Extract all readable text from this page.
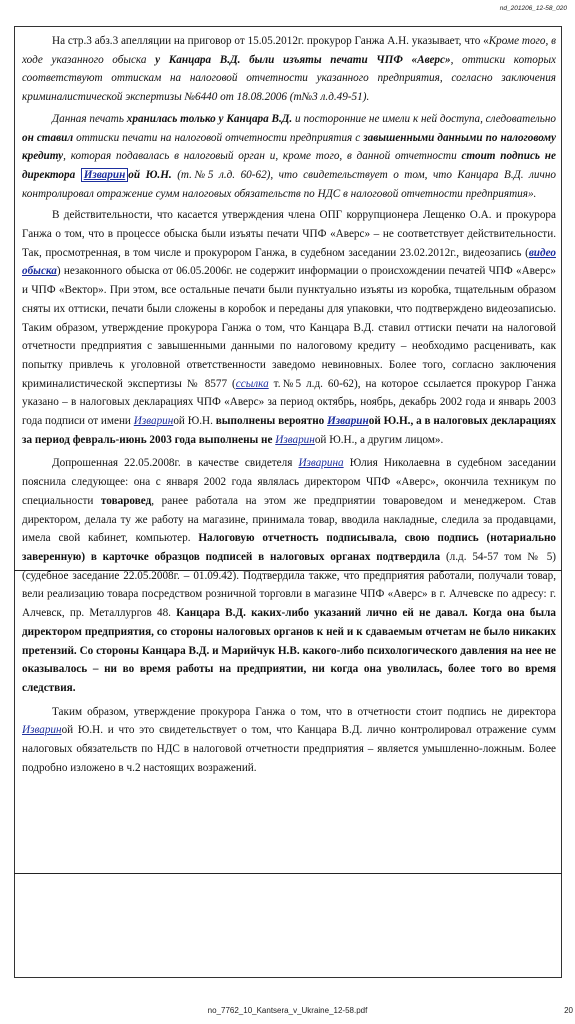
nd_201206_12-58_020

На стр.3 абз.3 апелляции на приговор от 15.05.2012г. прокурор Ганжа А.Н. указывает, что «Кроме того, в ходе указанного обыска у Канцара В.Д. были изъяты печати ЧПФ «Аверс», оттиски которых соответствуют оттискам на налоговой отчетности указанного предприятия, согласно заключения криминалистической экспертизы №6440 от 18.08.2006 (т№3 л.д.49-51).

Данная печать хранилась только у Канцара В.Д. и посторонние не имели к ней доступа, следовательно он ставил оттиски печати на налоговой отчетности предприятия с завышенными данными по налоговому кредиту, которая подавалась в налоговый орган и, кроме того, в данной отчетности стоит подпись не директора Изварин ой Ю.Н. (т.№5 л.д. 60-62), что свидетельствует о том, что Канцара В.Д. лично контролировал отражение сумм налоговых обязательств по НДС в налоговой отчетности предприятия».

В действительности, что касается утверждения члена ОПГ коррупционера Лещенко О.А. и прокурора Ганжа о том, что в процессе обыска были изъяты печати ЧПФ «Аверс» – не соответствует действительности. Так, просмотренная, в том числе и прокурором Ганжа, в судебном заседании 23.02.2012г., видеозапись (видео обыска) незаконного обыска от 06.05.2006г. не содержит информации о происхождении печатей ЧПФ «Аверс» и ЧПФ «Вектор». При этом, все остальные печати были пунктуально изъяты из коробка, тщательным образом сняты их оттиски, печати были сложены в коробок и переданы для упаковки, что подтверждено видеозаписью. Таким образом, утверждение прокурора Ганжа о том, что Канцара В.Д. ставил оттиски печати на налоговой отчетности предприятия с завышенными данными по налоговому кредиту – необходимо расценивать, как попытку привлечь к уголовной ответственности заведомо невиновных. Более того, согласно заключения криминалистической экспертизы № 8577 (ссылка т.№5 л.д. 60-62), на которое ссылается прокурор Ганжа указано – в налоговых декларациях ЧПФ «Аверс» за период октябрь, ноябрь, декабрь 2002 года и январь 2003 года подписи от имени Извариной Ю.Н. выполнены вероятно Извариной Ю.Н., а в налоговых декларациях за период февраль-июнь 2003 года выполнены не Извариной Ю.Н., а другим лицом».

Допрошенная 22.05.2008г. в качестве свидетеля Изварина Юлия Николаевна в судебном заседании пояснила следующее: она с января 2002 года являлась директором ЧПФ «Аверс», окончила техникум по специальности товаровед, ранее работала на этом же предприятии товароведом и менеджером. Став директором, делала ту же работу на магазине, принимала товар, вводила накладные, следила за продавцами, имела свой кабинет, компьютер. Налоговую отчетность подписывала, свою подпись (нотариально заверенную) в карточке образцов подписей в налоговых органах подтвердила (л.д. 54-57 том № 5) (судебное заседание 22.05.2008г. – 01.09.42). Подтвердила также, что предприятия работали, получали товар, вели реализацию товара посредством розничной торговли в магазине ЧПФ «Аверс» в г. Алчевске по адресу: г. Алчевск, пр. Металлургов 48. Канцара В.Д. каких-либо указаний лично ей не давал. Когда она была директором предприятия, со стороны налоговых органов к ней и к сдаваемым отчетам не было никаких претензий. Со стороны Канцара В.Д. и Марийчук Н.В. какого-либо психологического давления на нее не оказывалось – ни во время работы на предприятии, ни когда она уволилась, более того во время следствия.

Таким образом, утверждение прокурора Ганжа о том, что в отчетности стоит подпись не директора Извариной Ю.Н. и что это свидетельствует о том, что Канцара В.Д. лично контролировал отражение сумм налоговых обязательств по НДС в налоговой отчетности предприятия – является умышленно-ложным. Более подробно изложено в ч.2 настоящих возражений.

no_7762_10_Kantsera_v_Ukraine_12-58.pdf	20
